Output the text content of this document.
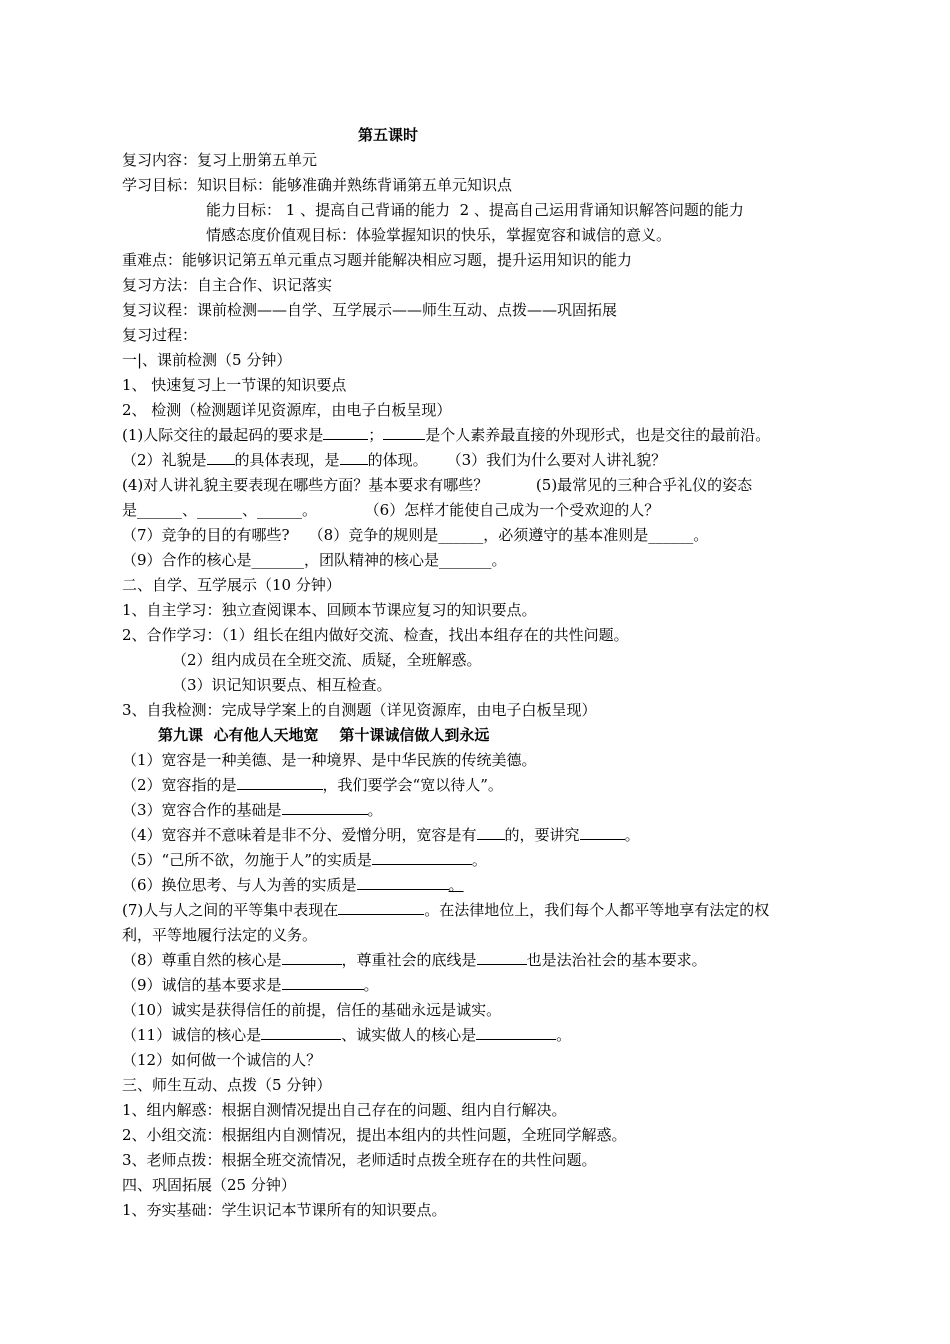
第五课时
复习内容：复习上册第五单元
学习目标：知识目标：能够准确并熟练背诵第五单元知识点
能力目标： 1 、提高自己背诵的能力  2 、提高自己运用背诵知识解答问题的能力
情感态度价值观目标：体验掌握知识的快乐，掌握宽容和诚信的意义。
重难点：能够识记第五单元重点习题并能解决相应习题，提升运用知识的能力
复习方法：自主合作、识记落实
复习议程：课前检测——自学、互学展示——师生互动、点拨——巩固拓展
复习过程：
一|、课前检测（5 分钟）
1、 快速复习上一节课的知识要点
2、 检测（检测题详见资源库，由电子白板呈现）
(1)人际交往的最起码的要求是	；	是个人素养最直接的外现形式，也是交往的最前沿。
（2）礼貌是 的具体表现，是 的体现。    （3）我们为什么要对人讲礼貌？
(4)对人讲礼貌主要表现在哪些方面？基本要求有哪些？          (5)最常见的三种合乎礼仪的姿态
是______、______、______。          （6）怎样才能使自己成为一个受欢迎的人？
（7）竞争的目的有哪些?    （8）竞争的规则是______，必须遵守的基本准则是______。
（9）合作的核心是_______，团队精神的核心是_______。
二、自学、互学展示（10 分钟）
1、自主学习：独立查阅课本、回顾本节课应复习的知识要点。
2、合作学习：（1）组长在组内做好交流、检查，找出本组存在的共性问题。
（2）组内成员在全班交流、质疑，全班解惑。
（3）识记知识要点、相互检查。
3、自我检测：完成导学案上的自测题（详见资源库，由电子白板呈现）
第九课  心有他人天地宽    第十课诚信做人到永远
（1）宽容是一种美德、是一种境界、是中华民族的传统美德。
（2）宽容指的是	，我们要学会“宽以待人”。
（3）宽容合作的基础是	。
（4）宽容并不意味着是非不分、爱憎分明，宽容是有 的，要讲究	。
（5）“己所不欲，勿施于人”的实质是	。
（6）换位思考、与人为善的实质是	。
(7)人与人之间的平等集中表现在	。在法律地位上，我们每个人都平等地享有法定的权
利，平等地履行法定的义务。
（8）尊重自然的核心是	，尊重社会的底线是	也是法治社会的基本要求。
（9）诚信的基本要求是	。
（10）诚实是获得信任的前提，信任的基础永远是诚实。
（11）诚信的核心是	、诚实做人的核心是	。
（12）如何做一个诚信的人？
三、师生互动、点拨（5 分钟）
1、组内解惑：根据自测情况提出自己存在的问题、组内自行解决。
2、小组交流：根据组内自测情况，提出本组内的共性问题，全班同学解惑。
3、老师点拨：根据全班交流情况，老师适时点拨全班存在的共性问题。
四、巩固拓展（25 分钟）
1、夯实基础：学生识记本节课所有的知识要点。
